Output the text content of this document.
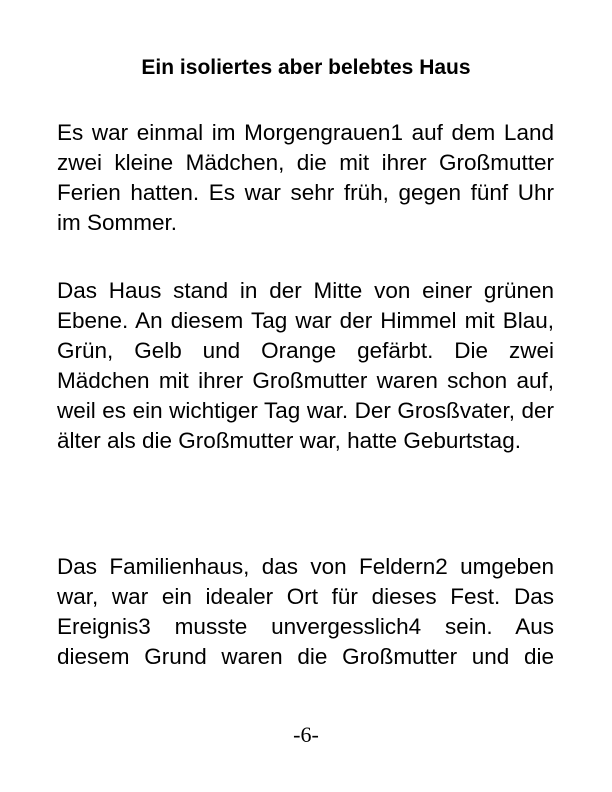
Ein isoliertes aber belebtes Haus

Es war einmal im Morgengrauen1 auf dem Land zwei kleine Mädchen, die mit ihrer Großmutter Ferien hatten. Es war sehr früh, gegen fünf Uhr im Sommer.

Das Haus stand in der Mitte von einer grünen Ebene. An diesem Tag war der Himmel mit Blau, Grün, Gelb und Orange gefärbt. Die zwei Mädchen mit ihrer Großmutter waren schon auf, weil es ein wichtiger Tag war. Der Grosßvater, der älter als die Großmutter war, hatte Geburtstag.

Das Familienhaus, das von Feldern2 umgeben war, war ein idealer Ort für dieses Fest. Das Ereignis3 musste unvergesslich4 sein. Aus diesem Grund waren die Großmutter und die

-6-
